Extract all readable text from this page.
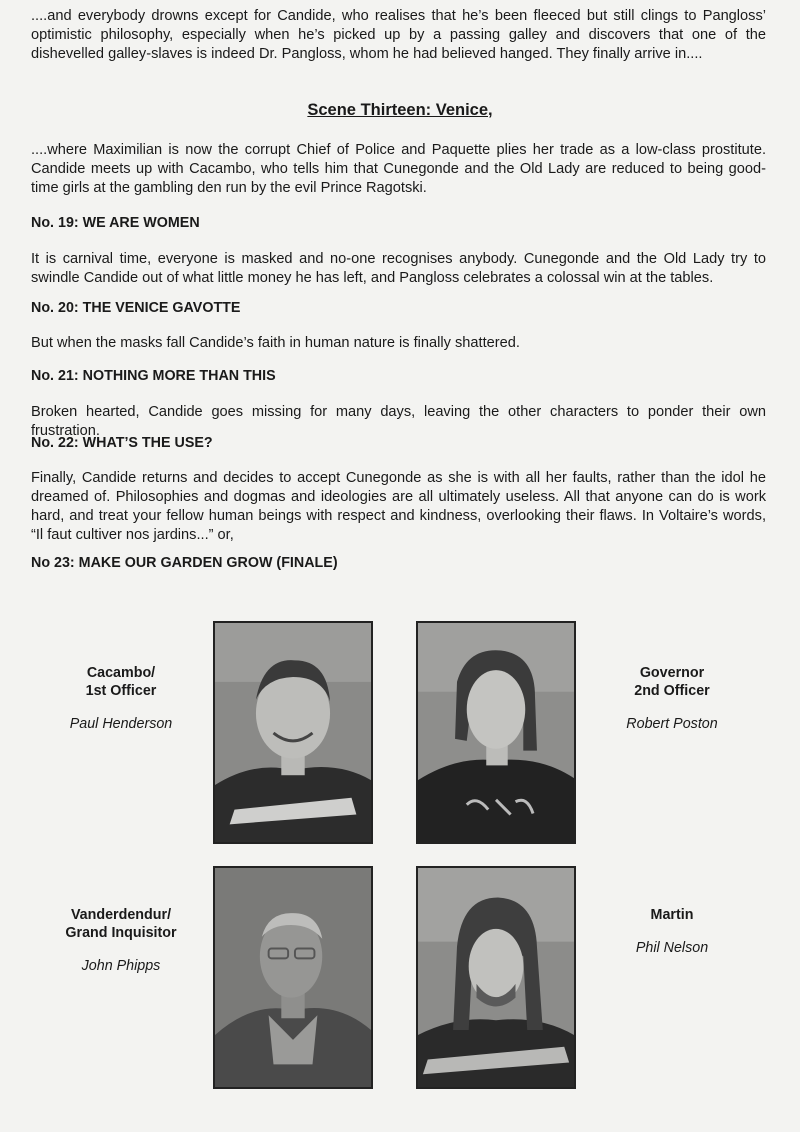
....and everybody drowns except for Candide, who realises that he’s been fleeced but still clings to Pangloss’ optimistic philosophy, especially when he’s picked up by a passing galley and discovers that one of the dishevelled galley-slaves is indeed Dr. Pangloss, whom he had believed hanged. They finally arrive in....

Scene Thirteen: Venice,

....where Maximilian is now the corrupt Chief of Police and Paquette plies her trade as a low-class prostitute. Candide meets up with Cacambo, who tells him that Cunegonde and the Old Lady are reduced to being good-time girls at the gambling den run by the evil Prince Ragotski.

No. 19: WE ARE WOMEN

It is carnival time, everyone is masked and no-one recognises anybody. Cunegonde and the Old Lady try to swindle Candide out of what little money he has left, and Pangloss celebrates a colossal win at the tables.

No. 20: THE VENICE GAVOTTE

But when the masks fall Candide’s faith in human nature is finally shattered.

No. 21: NOTHING MORE THAN THIS

Broken hearted, Candide goes missing for many days, leaving the other characters to ponder their own frustration.

No. 22: WHAT’S THE USE?

Finally, Candide returns and decides to accept Cunegonde as she is with all her faults, rather than the idol he dreamed of. Philosophies and dogmas and ideologies are all ultimately useless. All that anyone can do is work hard, and treat your fellow human beings with respect and kindness, overlooking their flaws. In Voltaire’s words, “Il faut cultiver nos jardins...” or,

No 23: MAKE OUR GARDEN GROW (FINALE)

Cacambo/
1st Officer

Paul Henderson

Governor
2nd Officer

Robert Poston

Vanderdendur/
Grand Inquisitor

John Phipps

Martin

Phil Nelson
